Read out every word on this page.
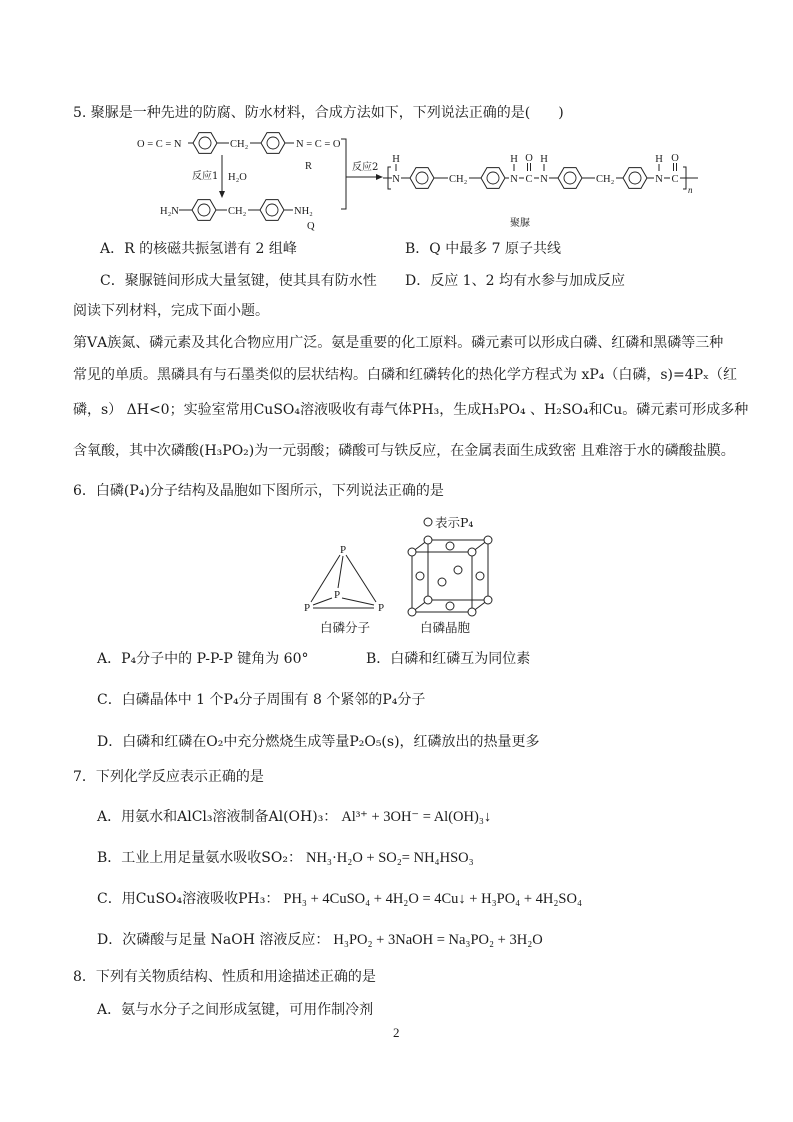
5. 聚脲是一种先进的防腐、防水材料，合成方法如下，下列说法正确的是(　　)
O = C = N	CH₂	N = C = O
R
反应1 H₂O
H₂N	CH₂	NH₂
Q
反应2
N
H
CH₂	N
H
C
O
N
H
CH₂	N
H
C
O
n
聚脲
A．R 的核磁共振氢谱有 2 组峰	B．Q 中最多 7 原子共线
C．聚脲链间形成大量氢键，使其具有防水性 D．反应 1、2 均有水参与加成反应
阅读下列材料，完成下面小题。
第ⅤA族氮、磷元素及其化合物应用广泛。氨是重要的化工原料。磷元素可以形成白磷、红磷和黑磷等三种
常见的单质。黑磷具有与石墨类似的层状结构。白磷和红磷转化的热化学方程式为 xP₄（白磷，s)=4Pₓ（红
磷，s） ΔH<0；实验室常用CuSO₄溶液吸收有毒气体PH₃，生成H₃PO₄ 、H₂SO₄和Cu。磷元素可形成多种
含氧酸，其中次磷酸(H₃PO₂)为一元弱酸；磷酸可与铁反应，在金属表面生成致密 且难溶于水的磷酸盐膜。
6．白磷(P₄)分子结构及晶胞如下图所示，下列说法正确的是
P
P	P
P
白磷分子
表示P₄
白磷晶胞
A．P₄分子中的 P-P-P 键角为 60°	B．白磷和红磷互为同位素
C．白磷晶体中 1 个P₄分子周围有 8 个紧邻的P₄分子
D．白磷和红磷在O₂中充分燃烧生成等量P₂O₅(s)，红磷放出的热量更多
7．下列化学反应表示正确的是
A．用氨水和AlCl₃溶液制备Al(OH)₃： Al³⁺ + 3OH⁻ = Al(OH)₃↓
B．工业上用足量氨水吸收SO₂： NH₃·H₂O + SO₂= NH₄HSO₃
C．用CuSO₄溶液吸收PH₃： PH₃ + 4CuSO₄ + 4H₂O = 4Cu↓ + H₃PO₄ + 4H₂SO₄
D．次磷酸与足量 NaOH 溶液反应： H₃PO₂ + 3NaOH = Na₃PO₂ + 3H₂O
8．下列有关物质结构、性质和用途描述正确的是
A．氨与水分子之间形成氢键，可用作制冷剂
2
